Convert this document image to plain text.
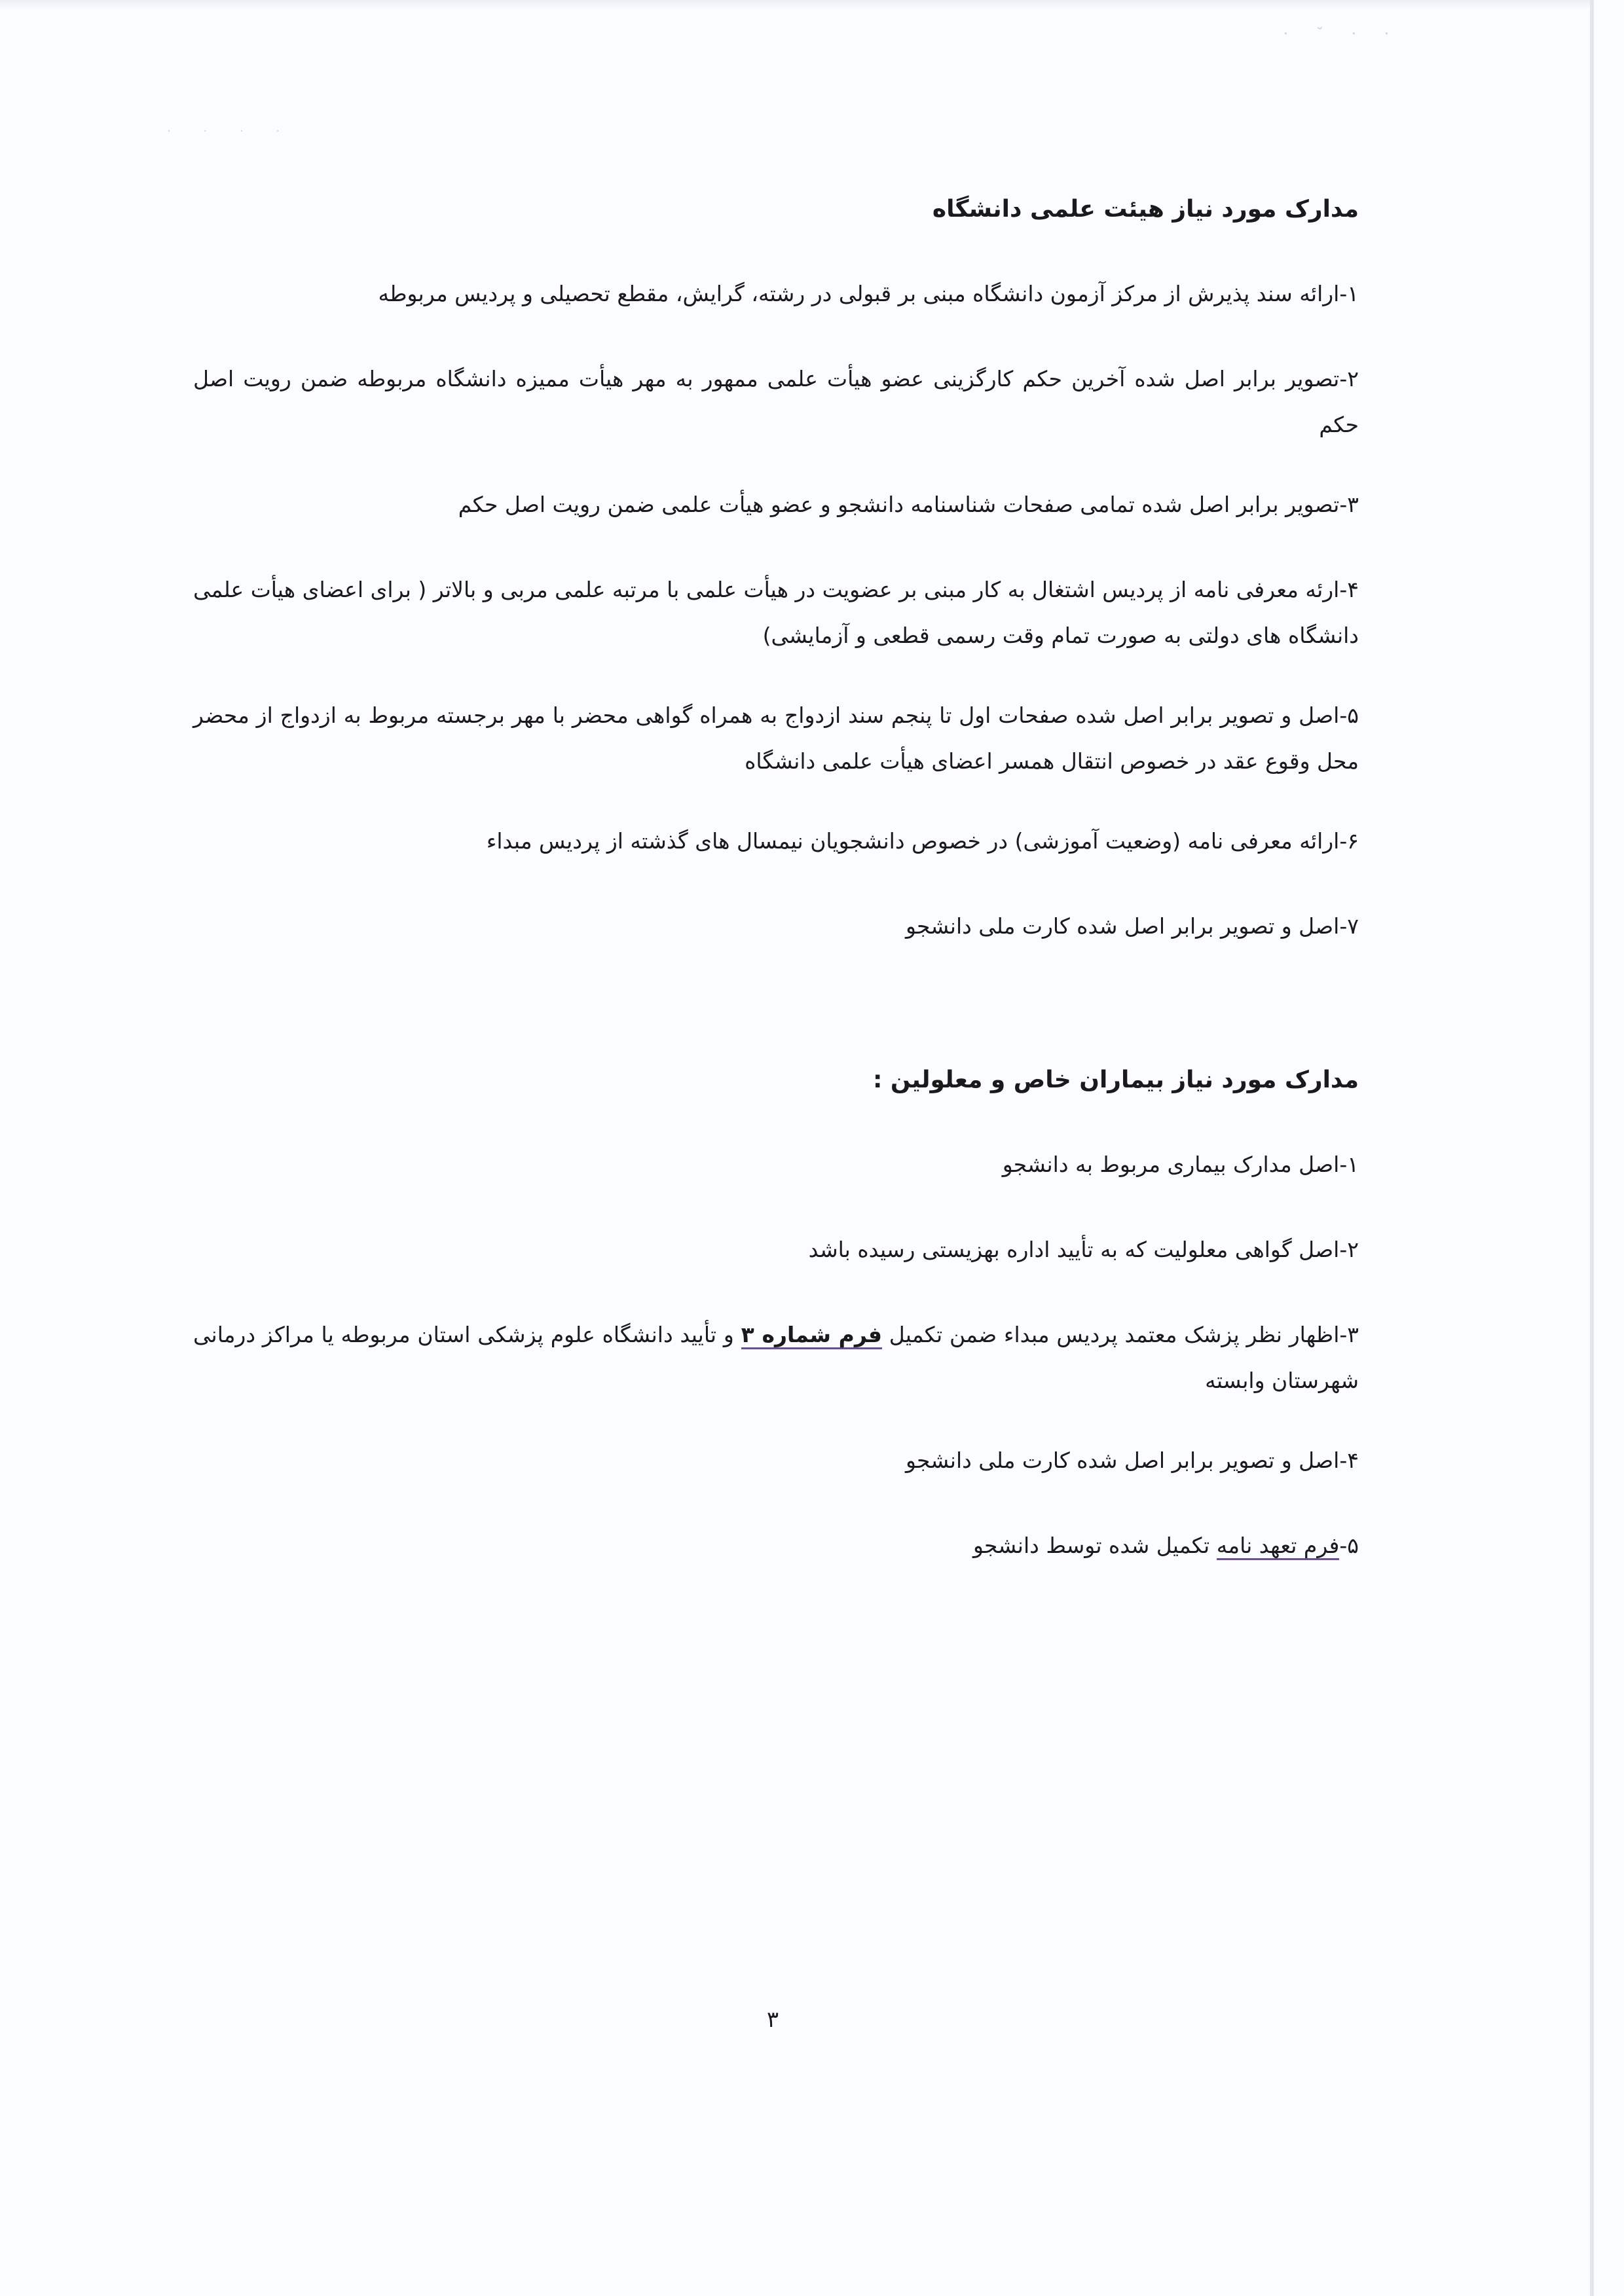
· ˘ · ·
· · · ·
مدارک مورد نیاز هیئت علمی دانشگاه
۱-ارائه سند پذیرش از مرکز آزمون دانشگاه مبنی بر قبولی در رشته، گرایش، مقطع تحصیلی و پردیس مربوطه
۲-تصویر برابر اصل شده آخرین حکم کارگزینی عضو هیأت علمی ممهور به مهر هیأت ممیزه دانشگاه مربوطه ضمن رویت اصل حکم
۳-تصویر برابر اصل شده تمامی صفحات شناسنامه دانشجو و عضو هیأت علمی ضمن رویت اصل حکم
۴-ارئه معرفی نامه از پردیس اشتغال به کار مبنی بر عضویت در هیأت علمی با مرتبه علمی مربی و بالاتر ( برای اعضای هیأت علمی دانشگاه های دولتی به صورت تمام وقت رسمی قطعی و آزمایشی)
۵-اصل و تصویر برابر اصل شده صفحات اول تا پنجم سند ازدواج به همراه گواهی محضر با مهر برجسته مربوط به ازدواج از محضر محل وقوع عقد در خصوص انتقال همسر اعضای هیأت علمی دانشگاه
۶-ارائه معرفی نامه (وضعیت آموزشی) در خصوص دانشجویان نیمسال های گذشته از پردیس مبداء
۷-اصل و تصویر برابر اصل شده کارت ملی دانشجو
مدارک مورد نیاز بیماران خاص و معلولین :
۱-اصل مدارک بیماری مربوط به دانشجو
۲-اصل گواهی معلولیت که به تأیید اداره بهزیستی رسیده باشد
۳-اظهار نظر پزشک معتمد پردیس مبداء ضمن تکمیل فرم شماره ۳ و تأیید دانشگاه علوم پزشکی استان مربوطه یا مراکز درمانی شهرستان وابسته
۴-اصل و تصویر برابر اصل شده کارت ملی دانشجو
۵-فرم تعهد نامه تکمیل شده توسط دانشجو
۳
